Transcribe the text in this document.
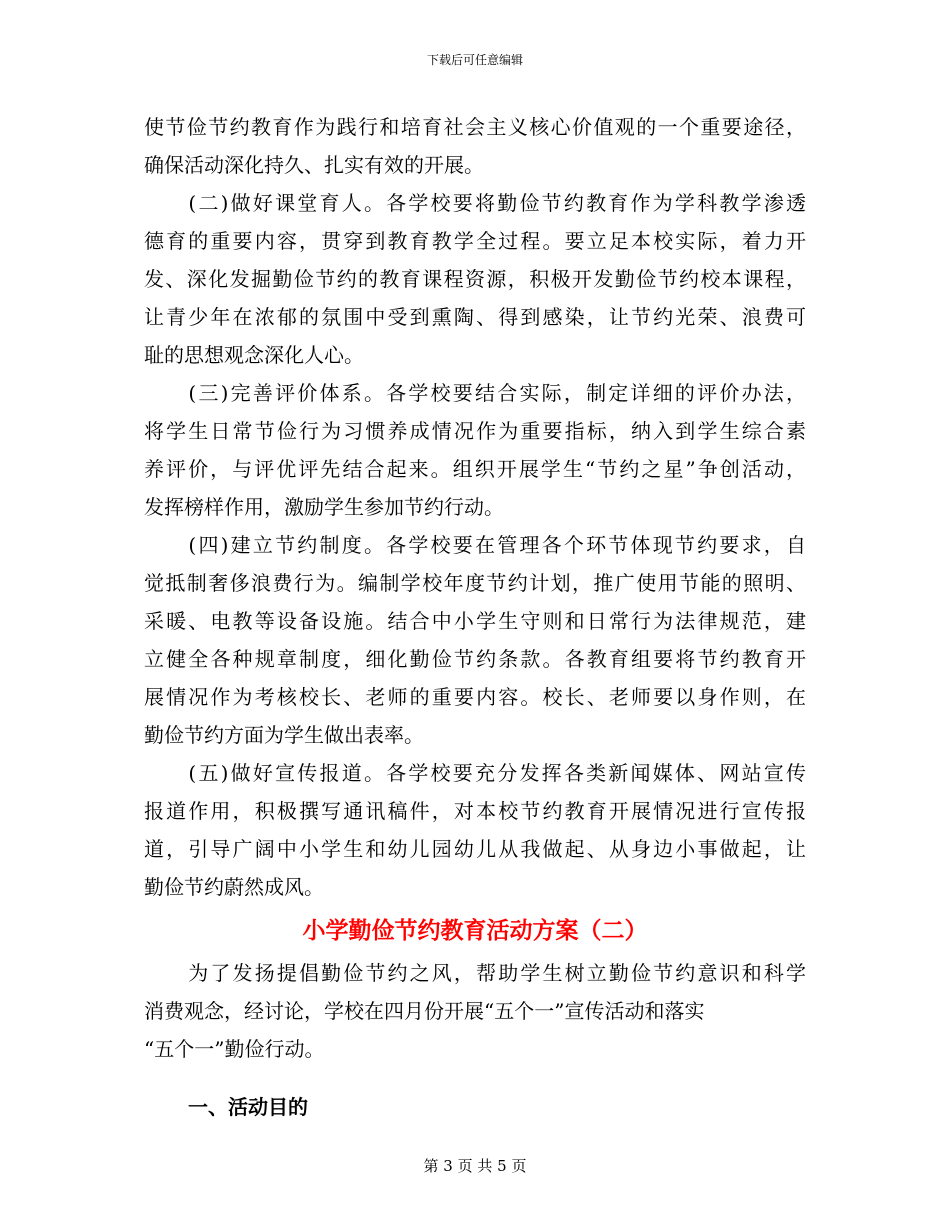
下载后可任意编辑
使节俭节约教育作为践行和培育社会主义核心价值观的一个重要途径，
确保活动深化持久、扎实有效的开展。
　　(二)做好课堂育人。各学校要将勤俭节约教育作为学科教学渗透
德育的重要内容，贯穿到教育教学全过程。要立足本校实际，着力开
发、深化发掘勤俭节约的教育课程资源，积极开发勤俭节约校本课程，
让青少年在浓郁的氛围中受到熏陶、得到感染，让节约光荣、浪费可
耻的思想观念深化人心。
　　(三)完善评价体系。各学校要结合实际，制定详细的评价办法，
将学生日常节俭行为习惯养成情况作为重要指标，纳入到学生综合素
养评价，与评优评先结合起来。组织开展学生“节约之星”争创活动，
发挥榜样作用，激励学生参加节约行动。
　　(四)建立节约制度。各学校要在管理各个环节体现节约要求，自
觉抵制奢侈浪费行为。编制学校年度节约计划，推广使用节能的照明、
采暖、电教等设备设施。结合中小学生守则和日常行为法律规范，建
立健全各种规章制度，细化勤俭节约条款。各教育组要将节约教育开
展情况作为考核校长、老师的重要内容。校长、老师要以身作则，在
勤俭节约方面为学生做出表率。
　　(五)做好宣传报道。各学校要充分发挥各类新闻媒体、网站宣传
报道作用，积极撰写通讯稿件，对本校节约教育开展情况进行宣传报
道，引导广阔中小学生和幼儿园幼儿从我做起、从身边小事做起，让
勤俭节约蔚然成风。
小学勤俭节约教育活动方案（二）
　　为了发扬提倡勤俭节约之风，帮助学生树立勤俭节约意识和科学
消费观念，经讨论，学校在四月份开展“五个一”宣传活动和落实
“五个一”勤俭行动。
一、活动目的
第 3 页 共 5 页
